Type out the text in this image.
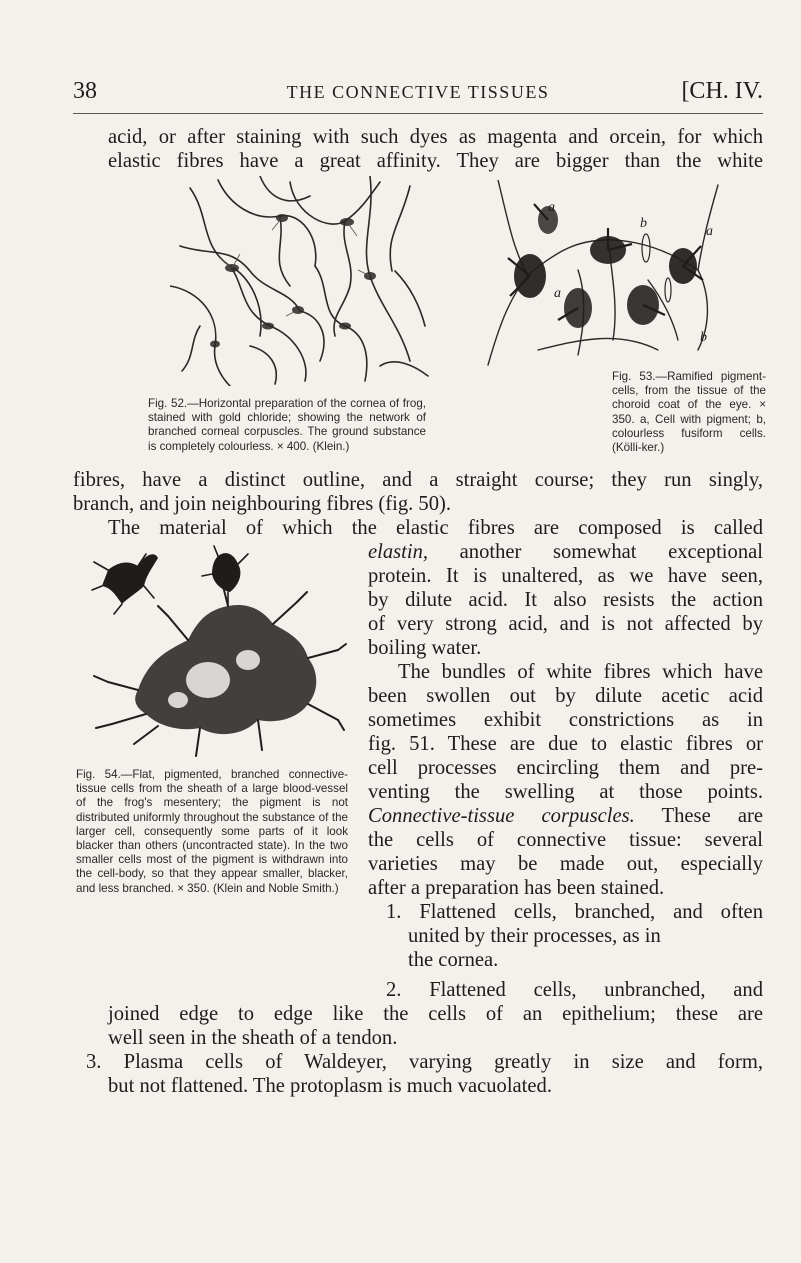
38	THE CONNECTIVE TISSUES	[CH. IV.
acid, or after staining with such dyes as magenta and orcein, for which
elastic fibres have a great affinity. They are bigger than the white
a
b
a
a
b
Fig. 52.—Horizontal preparation of the cornea of frog, stained with gold chloride; showing the network of branched corneal corpuscles. The ground substance is completely colourless. × 400. (Klein.)
Fig. 53.—Ramified pigment-cells, from the tissue of the choroid coat of the eye. × 350. a, Cell with pigment; b, colourless fusiform cells. (Kölli-ker.)
fibres, have a distinct outline, and a straight course; they run singly,
branch, and join neighbouring fibres (fig. 50).
The material of which the elastic fibres are composed is called
elastin, another somewhat exceptional
protein. It is unaltered, as we have seen,
by dilute acid. It also resists the action
of very strong acid, and is not affected by
boiling water.
The bundles of white fibres which have
been swollen out by dilute acetic acid
sometimes exhibit constrictions as in
fig. 51. These are due to elastic fibres or
cell processes encircling them and pre-
venting the swelling at those points.
Connective-tissue corpuscles. These are
the cells of connective tissue: several
varieties may be made out, especially
after a preparation has been stained.
1. Flattened cells, branched, and often
united by their processes, as in
the cornea.
2. Flattened cells, unbranched, and
Fig. 54.—Flat, pigmented, branched connective-tissue cells from the sheath of a large blood-vessel of the frog's mesentery; the pigment is not distributed uniformly throughout the substance of the larger cell, consequently some parts of it look blacker than others (uncontracted state). In the two smaller cells most of the pigment is withdrawn into the cell-body, so that they appear smaller, blacker, and less branched. × 350. (Klein and Noble Smith.)
joined edge to edge like the cells of an epithelium; these are
well seen in the sheath of a tendon.
3. Plasma cells of Waldeyer, varying greatly in size and form,
but not flattened. The protoplasm is much vacuolated.
